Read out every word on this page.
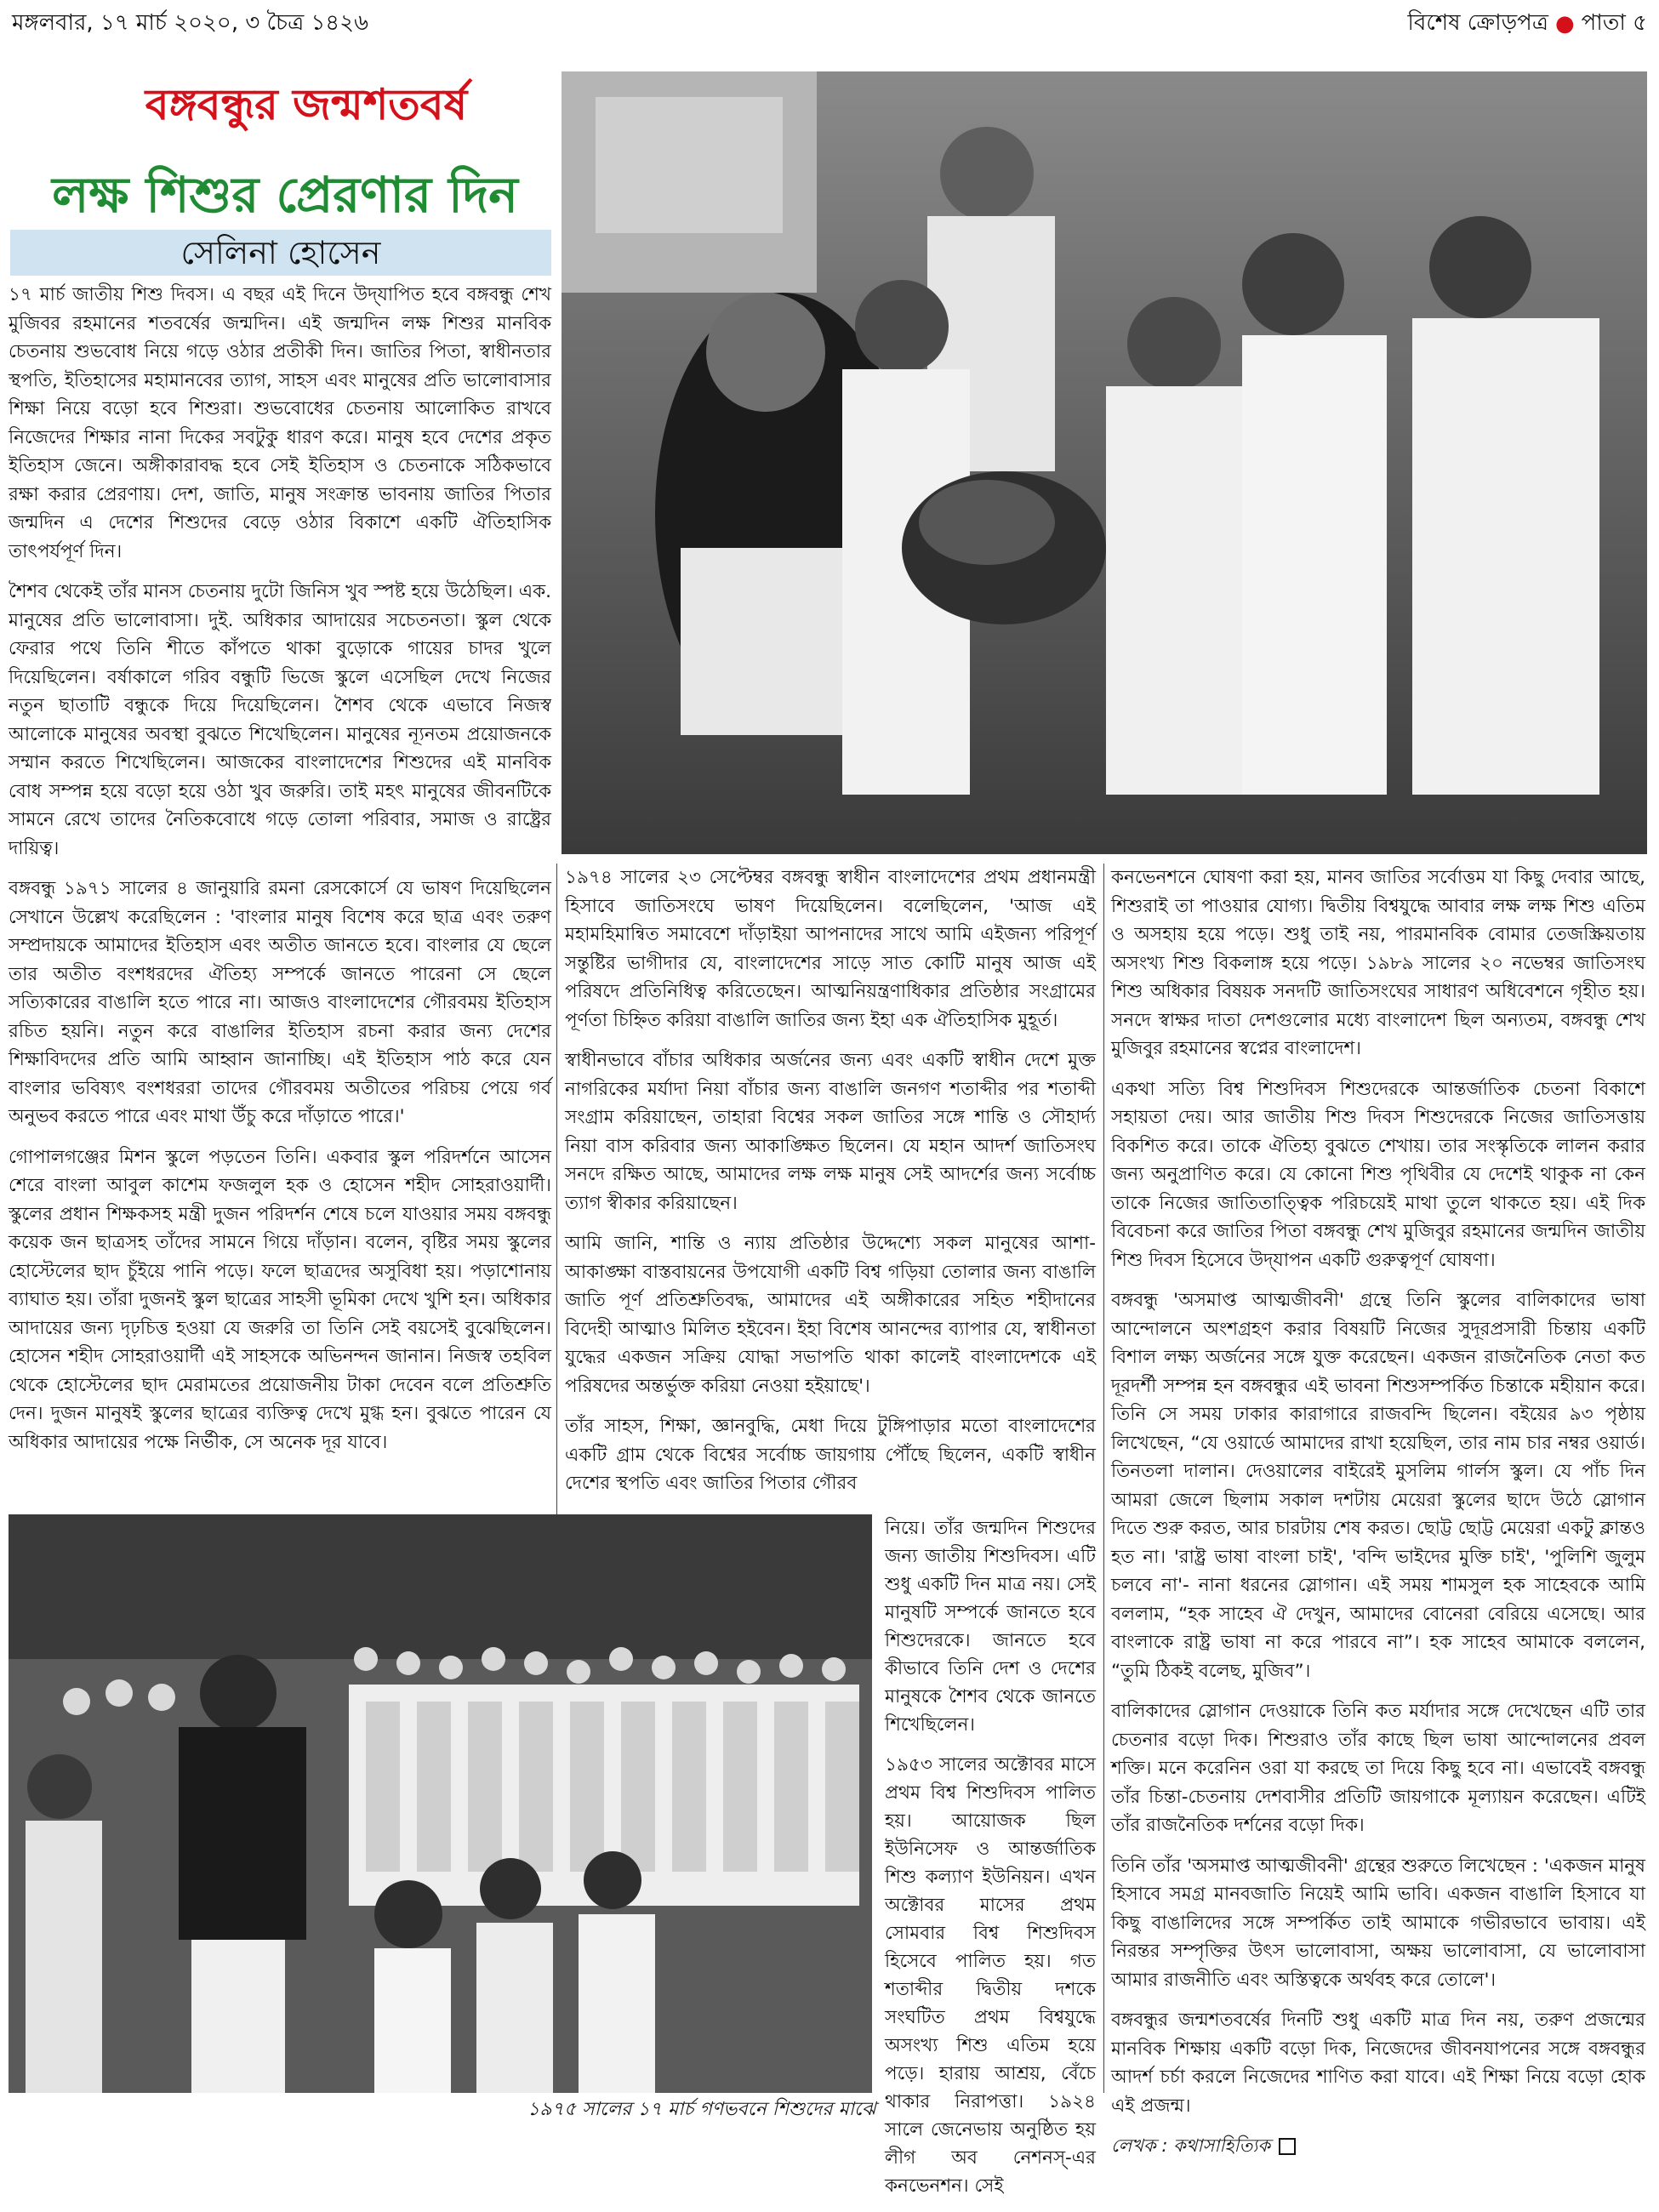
মঙ্গলবার, ১৭ মার্চ ২০২০, ৩ চৈত্র ১৪২৬	বিশেষ ক্রোড়পত্র ● পাতা ৫
বঙ্গবন্ধুর জন্মশতবর্ষ
লক্ষ শিশুর প্রেরণার দিন
সেলিনা হোসেন

১৭ মার্চ জাতীয় শিশু দিবস। এ বছর এই দিনে উদ্‌যাপিত হবে বঙ্গবন্ধু শেখ মুজিবর রহমানের শতবর্ষের জন্মদিন। এই জন্মদিন লক্ষ শিশুর মানবিক চেতনায় শুভবোধ নিয়ে গড়ে ওঠার প্রতীকী দিন। জাতির পিতা, স্বাধীনতার স্থপতি, ইতিহাসের মহামানবের ত্যাগ, সাহস এবং মানুষের প্রতি ভালোবাসার শিক্ষা নিয়ে বড়ো হবে শিশুরা। শুভবোধের চেতনায় আলোকিত রাখবে নিজেদের শিক্ষার নানা দিকের সবটুকু ধারণ করে। মানুষ হবে দেশের প্রকৃত ইতিহাস জেনে। অঙ্গীকারাবদ্ধ হবে সেই ইতিহাস ও চেতনাকে সঠিকভাবে রক্ষা করার প্রেরণায়। দেশ, জাতি, মানুষ সংক্রান্ত ভাবনায় জাতির পিতার জন্মদিন এ দেশের শিশুদের বেড়ে ওঠার বিকাশে একটি ঐতিহাসিক তাৎপর্যপূর্ণ দিন।

শৈশব থেকেই তাঁর মানস চেতনায় দুটো জিনিস খুব স্পষ্ট হয়ে উঠেছিল। এক. মানুষের প্রতি ভালোবাসা। দুই. অধিকার আদায়ের সচেতনতা। স্কুল থেকে ফেরার পথে তিনি শীতে কাঁপতে থাকা বুড়োকে গায়ের চাদর খুলে দিয়েছিলেন। বর্ষাকালে গরিব বন্ধুটি ভিজে স্কুলে এসেছিল দেখে নিজের নতুন ছাতাটি বন্ধুকে দিয়ে দিয়েছিলেন। শৈশব থেকে এভাবে নিজস্ব আলোকে মানুষের অবস্থা বুঝতে শিখেছিলেন। মানুষের ন্যূনতম প্রয়োজনকে সম্মান করতে শিখেছিলেন। আজকের বাংলাদেশের শিশুদের এই মানবিক বোধ সম্পন্ন হয়ে বড়ো হয়ে ওঠা খুব জরুরি। তাই মহৎ মানুষের জীবনটিকে সামনে রেখে তাদের নৈতিকবোধে গড়ে তোলা পরিবার, সমাজ ও রাষ্ট্রের দায়িত্ব।

বঙ্গবন্ধু ১৯৭১ সালের ৪ জানুয়ারি রমনা রেসকোর্সে যে ভাষণ দিয়েছিলেন সেখানে উল্লেখ করেছিলেন : 'বাংলার মানুষ বিশেষ করে ছাত্র এবং তরুণ সম্প্রদায়কে আমাদের ইতিহাস এবং অতীত জানতে হবে। বাংলার যে ছেলে তার অতীত বংশধরদের ঐতিহ্য সম্পর্কে জানতে পারেনা সে ছেলে সত্যিকারের বাঙালি হতে পারে না। আজও বাংলাদেশের গৌরবময় ইতিহাস রচিত হয়নি। নতুন করে বাঙালির ইতিহাস রচনা করার জন্য দেশের শিক্ষাবিদদের প্রতি আমি আহ্বান জানাচ্ছি। এই ইতিহাস পাঠ করে যেন বাংলার ভবিষ্যৎ বংশধররা তাদের গৌরবময় অতীতের পরিচয় পেয়ে গর্ব অনুভব করতে পারে এবং মাথা উঁচু করে দাঁড়াতে পারে।'

গোপালগঞ্জের মিশন স্কুলে পড়তেন তিনি। একবার স্কুল পরিদর্শনে আসেন শেরে বাংলা আবুল কাশেম ফজলুল হক ও হোসেন শহীদ সোহরাওয়ার্দী। স্কুলের প্রধান শিক্ষকসহ মন্ত্রী দুজন পরিদর্শন শেষে চলে যাওয়ার সময় বঙ্গবন্ধু কয়েক জন ছাত্রসহ তাঁদের সামনে গিয়ে দাঁড়ান। বলেন, বৃষ্টির সময় স্কুলের হোস্টেলের ছাদ চুঁইয়ে পানি পড়ে। ফলে ছাত্রদের অসুবিধা হয়। পড়াশোনায় ব্যাঘাত হয়। তাঁরা দুজনই স্কুল ছাত্রের সাহসী ভূমিকা দেখে খুশি হন। অধিকার আদায়ের জন্য দৃঢ়চিত্ত হওয়া যে জরুরি তা তিনি সেই বয়সেই বুঝেছিলেন। হোসেন শহীদ সোহরাওয়ার্দী এই সাহসকে অভিনন্দন জানান। নিজস্ব তহবিল থেকে হোস্টেলের ছাদ মেরামতের প্রয়োজনীয় টাকা দেবেন বলে প্রতিশ্রুতি দেন। দুজন মানুষই স্কুলের ছাত্রের ব্যক্তিত্ব দেখে মুগ্ধ হন। বুঝতে পারেন যে অধিকার আদায়ের পক্ষে নির্ভীক, সে অনেক দূর যাবে।

১৯৭৪ সালের ২৩ সেপ্টেম্বর বঙ্গবন্ধু স্বাধীন বাংলাদেশের প্রথম প্রধানমন্ত্রী হিসাবে জাতিসংঘে ভাষণ দিয়েছিলেন। বলেছিলেন, 'আজ এই মহামহিমান্বিত সমাবেশে দাঁড়াইয়া আপনাদের সাথে আমি এইজন্য পরিপূর্ণ সন্তুষ্টির ভাগীদার যে, বাংলাদেশের সাড়ে সাত কোটি মানুষ আজ এই পরিষদে প্রতিনিধিত্ব করিতেছেন। আত্মনিয়ন্ত্রণাধিকার প্রতিষ্ঠার সংগ্রামের পূর্ণতা চিহ্নিত করিয়া বাঙালি জাতির জন্য ইহা এক ঐতিহাসিক মুহূর্ত।

স্বাধীনভাবে বাঁচার অধিকার অর্জনের জন্য এবং একটি স্বাধীন দেশে মুক্ত নাগরিকের মর্যাদা নিয়া বাঁচার জন্য বাঙালি জনগণ শতাব্দীর পর শতাব্দী সংগ্রাম করিয়াছেন, তাহারা বিশ্বের সকল জাতির সঙ্গে শান্তি ও সৌহার্দ্য নিয়া বাস করিবার জন্য আকাঙ্ক্ষিত ছিলেন। যে মহান আদর্শ জাতিসংঘ সনদে রক্ষিত আছে, আমাদের লক্ষ লক্ষ মানুষ সেই আদর্শের জন্য সর্বোচ্চ ত্যাগ স্বীকার করিয়াছেন।

আমি জানি, শান্তি ও ন্যায় প্রতিষ্ঠার উদ্দেশ্যে সকল মানুষের আশা-আকাঙ্ক্ষা বাস্তবায়নের উপযোগী একটি বিশ্ব গড়িয়া তোলার জন্য বাঙালি জাতি পূর্ণ প্রতিশ্রুতিবদ্ধ, আমাদের এই অঙ্গীকারের সহিত শহীদানের বিদেহী আত্মাও মিলিত হইবেন। ইহা বিশেষ আনন্দের ব্যাপার যে, স্বাধীনতা যুদ্ধের একজন সক্রিয় যোদ্ধা সভাপতি থাকা কালেই বাংলাদেশকে এই পরিষদের অন্তর্ভুক্ত করিয়া নেওয়া হইয়াছে'।

তাঁর সাহস, শিক্ষা, জ্ঞানবুদ্ধি, মেধা দিয়ে টুঙ্গিপাড়ার মতো বাংলাদেশের একটি গ্রাম থেকে বিশ্বের সর্বোচ্চ জায়গায় পৌঁছে ছিলেন, একটি স্বাধীন দেশের স্থপতি এবং জাতির পিতার গৌরব

নিয়ে। তাঁর জন্মদিন শিশুদের জন্য জাতীয় শিশুদিবস। এটি শুধু একটি দিন মাত্র নয়। সেই মানুষটি সম্পর্কে জানতে হবে শিশুদেরকে। জানতে হবে কীভাবে তিনি দেশ ও দেশের মানুষকে শৈশব থেকে জানতে শিখেছিলেন।

১৯৫৩ সালের অক্টোবর মাসে প্রথম বিশ্ব শিশুদিবস পালিত হয়। আয়োজক ছিল ইউনিসেফ ও আন্তর্জাতিক শিশু কল্যাণ ইউনিয়ন। এখন অক্টোবর মাসের প্রথম সোমবার বিশ্ব শিশুদিবস হিসেবে পালিত হয়। গত শতাব্দীর দ্বিতীয় দশকে সংঘটিত প্রথম বিশ্বযুদ্ধে অসংখ্য শিশু এতিম হয়ে পড়ে। হারায় আশ্রয়, বেঁচে থাকার নিরাপত্তা। ১৯২৪ সালে জেনেভায় অনুষ্ঠিত হয় লীগ অব নেশনস্-এর কনভেনশন। সেই

১৯৭৫ সালের ১৭ মার্চ গণভবনে শিশুদের মাঝে

কনভেনশনে ঘোষণা করা হয়, মানব জাতির সর্বোত্তম যা কিছু দেবার আছে, শিশুরাই তা পাওয়ার যোগ্য। দ্বিতীয় বিশ্বযুদ্ধে আবার লক্ষ লক্ষ শিশু এতিম ও অসহায় হয়ে পড়ে। শুধু তাই নয়, পারমানবিক বোমার তেজস্ক্রিয়তায় অসংখ্য শিশু বিকলাঙ্গ হয়ে পড়ে। ১৯৮৯ সালের ২০ নভেম্বর জাতিসংঘ শিশু অধিকার বিষয়ক সনদটি জাতিসংঘের সাধারণ অধিবেশনে গৃহীত হয়। সনদে স্বাক্ষর দাতা দেশগুলোর মধ্যে বাংলাদেশ ছিল অন্যতম, বঙ্গবন্ধু শেখ মুজিবুর রহমানের স্বপ্নের বাংলাদেশ।

একথা সত্যি বিশ্ব শিশুদিবস শিশুদেরকে আন্তর্জাতিক চেতনা বিকাশে সহায়তা দেয়। আর জাতীয় শিশু দিবস শিশুদেরকে নিজের জাতিসত্তায় বিকশিত করে। তাকে ঐতিহ্য বুঝতে শেখায়। তার সংস্কৃতিকে লালন করার জন্য অনুপ্রাণিত করে। যে কোনো শিশু পৃথিবীর যে দেশেই থাকুক না কেন তাকে নিজের জাতিতাত্ত্বিক পরিচয়েই মাথা তুলে থাকতে হয়। এই দিক বিবেচনা করে জাতির পিতা বঙ্গবন্ধু শেখ মুজিবুর রহমানের জন্মদিন জাতীয় শিশু দিবস হিসেবে উদ্‌যাপন একটি গুরুত্বপূর্ণ ঘোষণা।

বঙ্গবন্ধু 'অসমাপ্ত আত্মজীবনী' গ্রন্থে তিনি স্কুলের বালিকাদের ভাষা আন্দোলনে অংশগ্রহণ করার বিষয়টি নিজের সুদূরপ্রসারী চিন্তায় একটি বিশাল লক্ষ্য অর্জনের সঙ্গে যুক্ত করেছেন। একজন রাজনৈতিক নেতা কত দূরদর্শী সম্পন্ন হন বঙ্গবন্ধুর এই ভাবনা শিশুসম্পর্কিত চিন্তাকে মহীয়ান করে। তিনি সে সময় ঢাকার কারাগারে রাজবন্দি ছিলেন। বইয়ের ৯৩ পৃষ্ঠায় লিখেছেন, “যে ওয়ার্ডে আমাদের রাখা হয়েছিল, তার নাম চার নম্বর ওয়ার্ড। তিনতলা দালান। দেওয়ালের বাইরেই মুসলিম গার্লস স্কুল। যে পাঁচ দিন আমরা জেলে ছিলাম সকাল দশটায় মেয়েরা স্কুলের ছাদে উঠে স্লোগান দিতে শুরু করত, আর চারটায় শেষ করত। ছোট্ট ছোট্ট মেয়েরা একটু ক্লান্তও হত না। 'রাষ্ট্র ভাষা বাংলা চাই', 'বন্দি ভাইদের মুক্তি চাই', 'পুলিশি জুলুম চলবে না'- নানা ধরনের স্লোগান। এই সময় শামসুল হক সাহেবকে আমি বললাম, “হক সাহেব ঐ দেখুন, আমাদের বোনেরা বেরিয়ে এসেছে। আর বাংলাকে রাষ্ট্র ভাষা না করে পারবে না”। হক সাহেব আমাকে বললেন, “তুমি ঠিকই বলেছ, মুজিব”।

বালিকাদের স্লোগান দেওয়াকে তিনি কত মর্যাদার সঙ্গে দেখেছেন এটি তার চেতনার বড়ো দিক। শিশুরাও তাঁর কাছে ছিল ভাষা আন্দোলনের প্রবল শক্তি। মনে করেনিন ওরা যা করছে তা দিয়ে কিছু হবে না। এভাবেই বঙ্গবন্ধু তাঁর চিন্তা-চেতনায় দেশবাসীর প্রতিটি জায়গাকে মূল্যায়ন করেছেন। এটিই তাঁর রাজনৈতিক দর্শনের বড়ো দিক।

তিনি তাঁর 'অসমাপ্ত আত্মজীবনী' গ্রন্থের শুরুতে লিখেছেন : 'একজন মানুষ হিসাবে সমগ্র মানবজাতি নিয়েই আমি ভাবি। একজন বাঙালি হিসাবে যা কিছু বাঙালিদের সঙ্গে সম্পর্কিত তাই আমাকে গভীরভাবে ভাবায়। এই নিরন্তর সম্পৃক্তির উৎস ভালোবাসা, অক্ষয় ভালোবাসা, যে ভালোবাসা আমার রাজনীতি এবং অস্তিত্বকে অর্থবহ করে তোলে'।

বঙ্গবন্ধুর জন্মশতবর্ষের দিনটি শুধু একটি মাত্র দিন নয়, তরুণ প্রজন্মের মানবিক শিক্ষায় একটি বড়ো দিক, নিজেদের জীবনযাপনের সঙ্গে বঙ্গবন্ধুর আদর্শ চর্চা করলে নিজেদের শাণিত করা যাবে। এই শিক্ষা নিয়ে বড়ো হোক এই প্রজন্ম।

লেখক : কথাসাহিত্যিক
